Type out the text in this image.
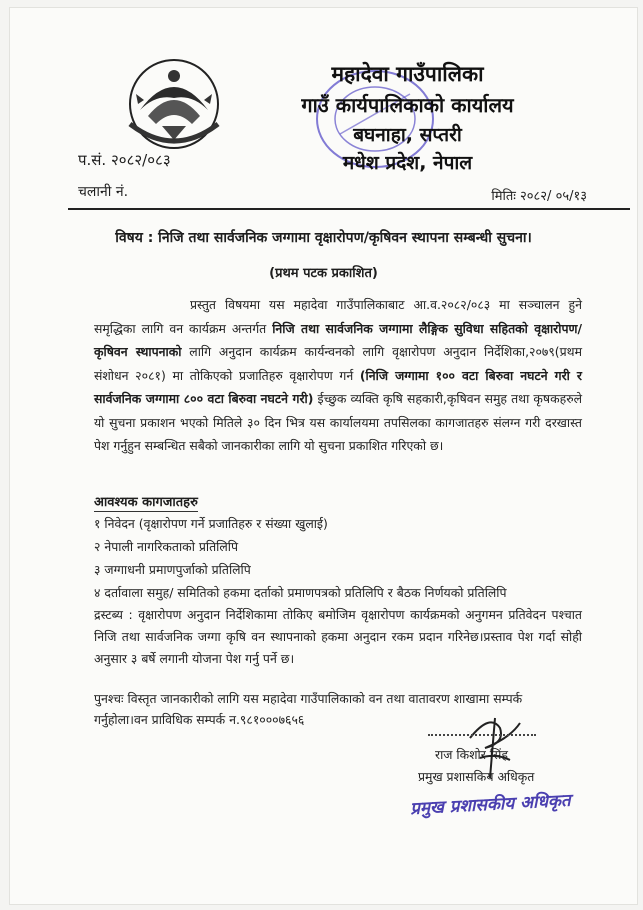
महादेवा गाउँपालिका
गाउँ कार्यपालिकाको कार्यालय
बघनाहा, सप्तरी
मधेश प्रदेश, नेपाल
प.सं. २०८२/०८३
चलानी नं.	मितिः २०८२/ ०५/१३
विषय : निजि तथा सार्वजनिक जग्गामा वृक्षारोपण/कृषिवन स्थापना सम्बन्धी सुचना।
(प्रथम पटक प्रकाशित)
प्रस्तुत विषयमा यस महादेवा गाउँपालिकाबाट आ.व.२०८२/०८३ मा सञ्चालन हुने समृद्धिका लागि वन कार्यक्रम अन्तर्गत निजि तथा सार्वजनिक जग्गामा लैङ्गिक सुविधा सहितको वृक्षारोपण/कृषिवन स्थापनाको लागि अनुदान कार्यक्रम कार्यन्वनको लागि वृक्षारोपण अनुदान निर्देशिका,२०७९(प्रथम संशोधन २०८१) मा तोकिएको प्रजातिहरु वृक्षारोपण गर्न (निजि जग्गामा १०० वटा बिरुवा नघटने गरी र सार्वजनिक जग्गामा ८०० वटा बिरुवा नघटने गरी) ईच्छुक व्यक्ति कृषि सहकारी,कृषिवन समुह तथा कृषकहरुले यो सुचना प्रकाशन भएको मितिले ३० दिन भित्र यस कार्यालयमा तपसिलका कागजातहरु संलग्न गरी दरखास्त पेश गर्नुहुन सम्बन्धित सबैको जानकारीका लागि यो सुचना प्रकाशित गरिएको छ।
आवश्यक कागजातहरु
१ निवेदन (वृक्षारोपण गर्ने प्रजातिहरु र संख्या खुलाई)
२ नेपाली नागरिकताको प्रतिलिपि
३ जग्गाधनी प्रमाणपुर्जाको प्रतिलिपि
४ दर्तावाला समुह/ समितिको हकमा दर्ताको प्रमाणपत्रको प्रतिलिपि र बैठक निर्णयको प्रतिलिपि
द्रस्टब्य : वृक्षारोपण अनुदान निर्देशिकामा तोकिए बमोजिम वृक्षारोपण कार्यक्रमको अनुगमन प्रतिवेदन पश्चात निजि तथा सार्वजनिक जग्गा कृषि वन स्थापनाको हकमा अनुदान रकम प्रदान गरिनेछ।प्रस्ताव पेश गर्दा सोही अनुसार ३ बर्षे लगानी योजना पेश गर्नु पर्ने छ।
पुनश्चः विस्तृत जानकारीको लागि यस महादेवा गाउँपालिकाको वन तथा वातावरण शाखामा सम्पर्क गर्नुहोला।वन प्राविधिक सम्पर्क न.९८१०००७६५६
राज किशोर सिंह
प्रमुख प्रशासकिय अधिकृत
प्रमुख प्रशासकीय अधिकृत
